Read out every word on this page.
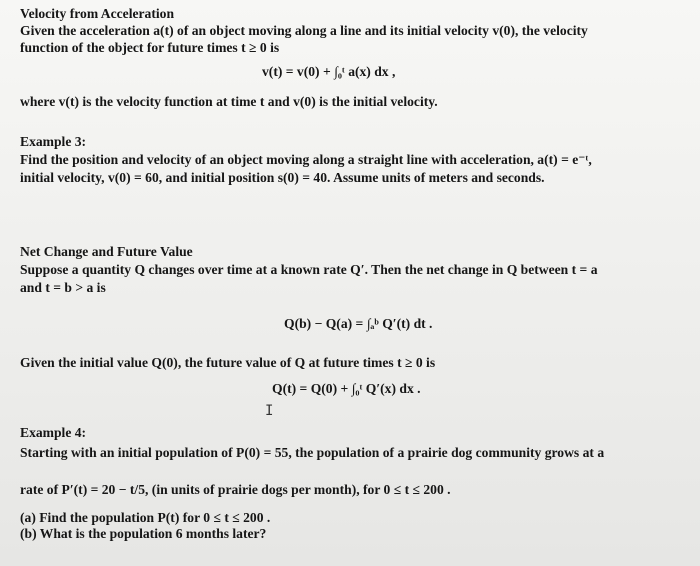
Velocity from Acceleration
Given the acceleration a(t) of an object moving along a line and its initial velocity v(0), the velocity
function of the object for future times t ≥ 0 is
v(t) = v(0) + ∫₀ᵗ a(x) dx ,
where v(t) is the velocity function at time t and v(0) is the initial velocity.
Example 3:
Find the position and velocity of an object moving along a straight line with acceleration, a(t) = e⁻ᵗ,
initial velocity, v(0) = 60, and initial position s(0) = 40. Assume units of meters and seconds.
Net Change and Future Value
Suppose a quantity Q changes over time at a known rate Q′. Then the net change in Q between t = a
and t = b > a is
Q(b) − Q(a) = ∫ₐᵇ Q′(t) dt .
Given the initial value Q(0), the future value of Q at future times t ≥ 0 is
Q(t) = Q(0) + ∫₀ᵗ Q′(x) dx .
I
Example 4:
Starting with an initial population of P(0) = 55, the population of a prairie dog community grows at a
rate of P′(t) = 20 − t/5, (in units of prairie dogs per month), for 0 ≤ t ≤ 200 .
(a) Find the population P(t) for 0 ≤ t ≤ 200 .
(b) What is the population 6 months later?
